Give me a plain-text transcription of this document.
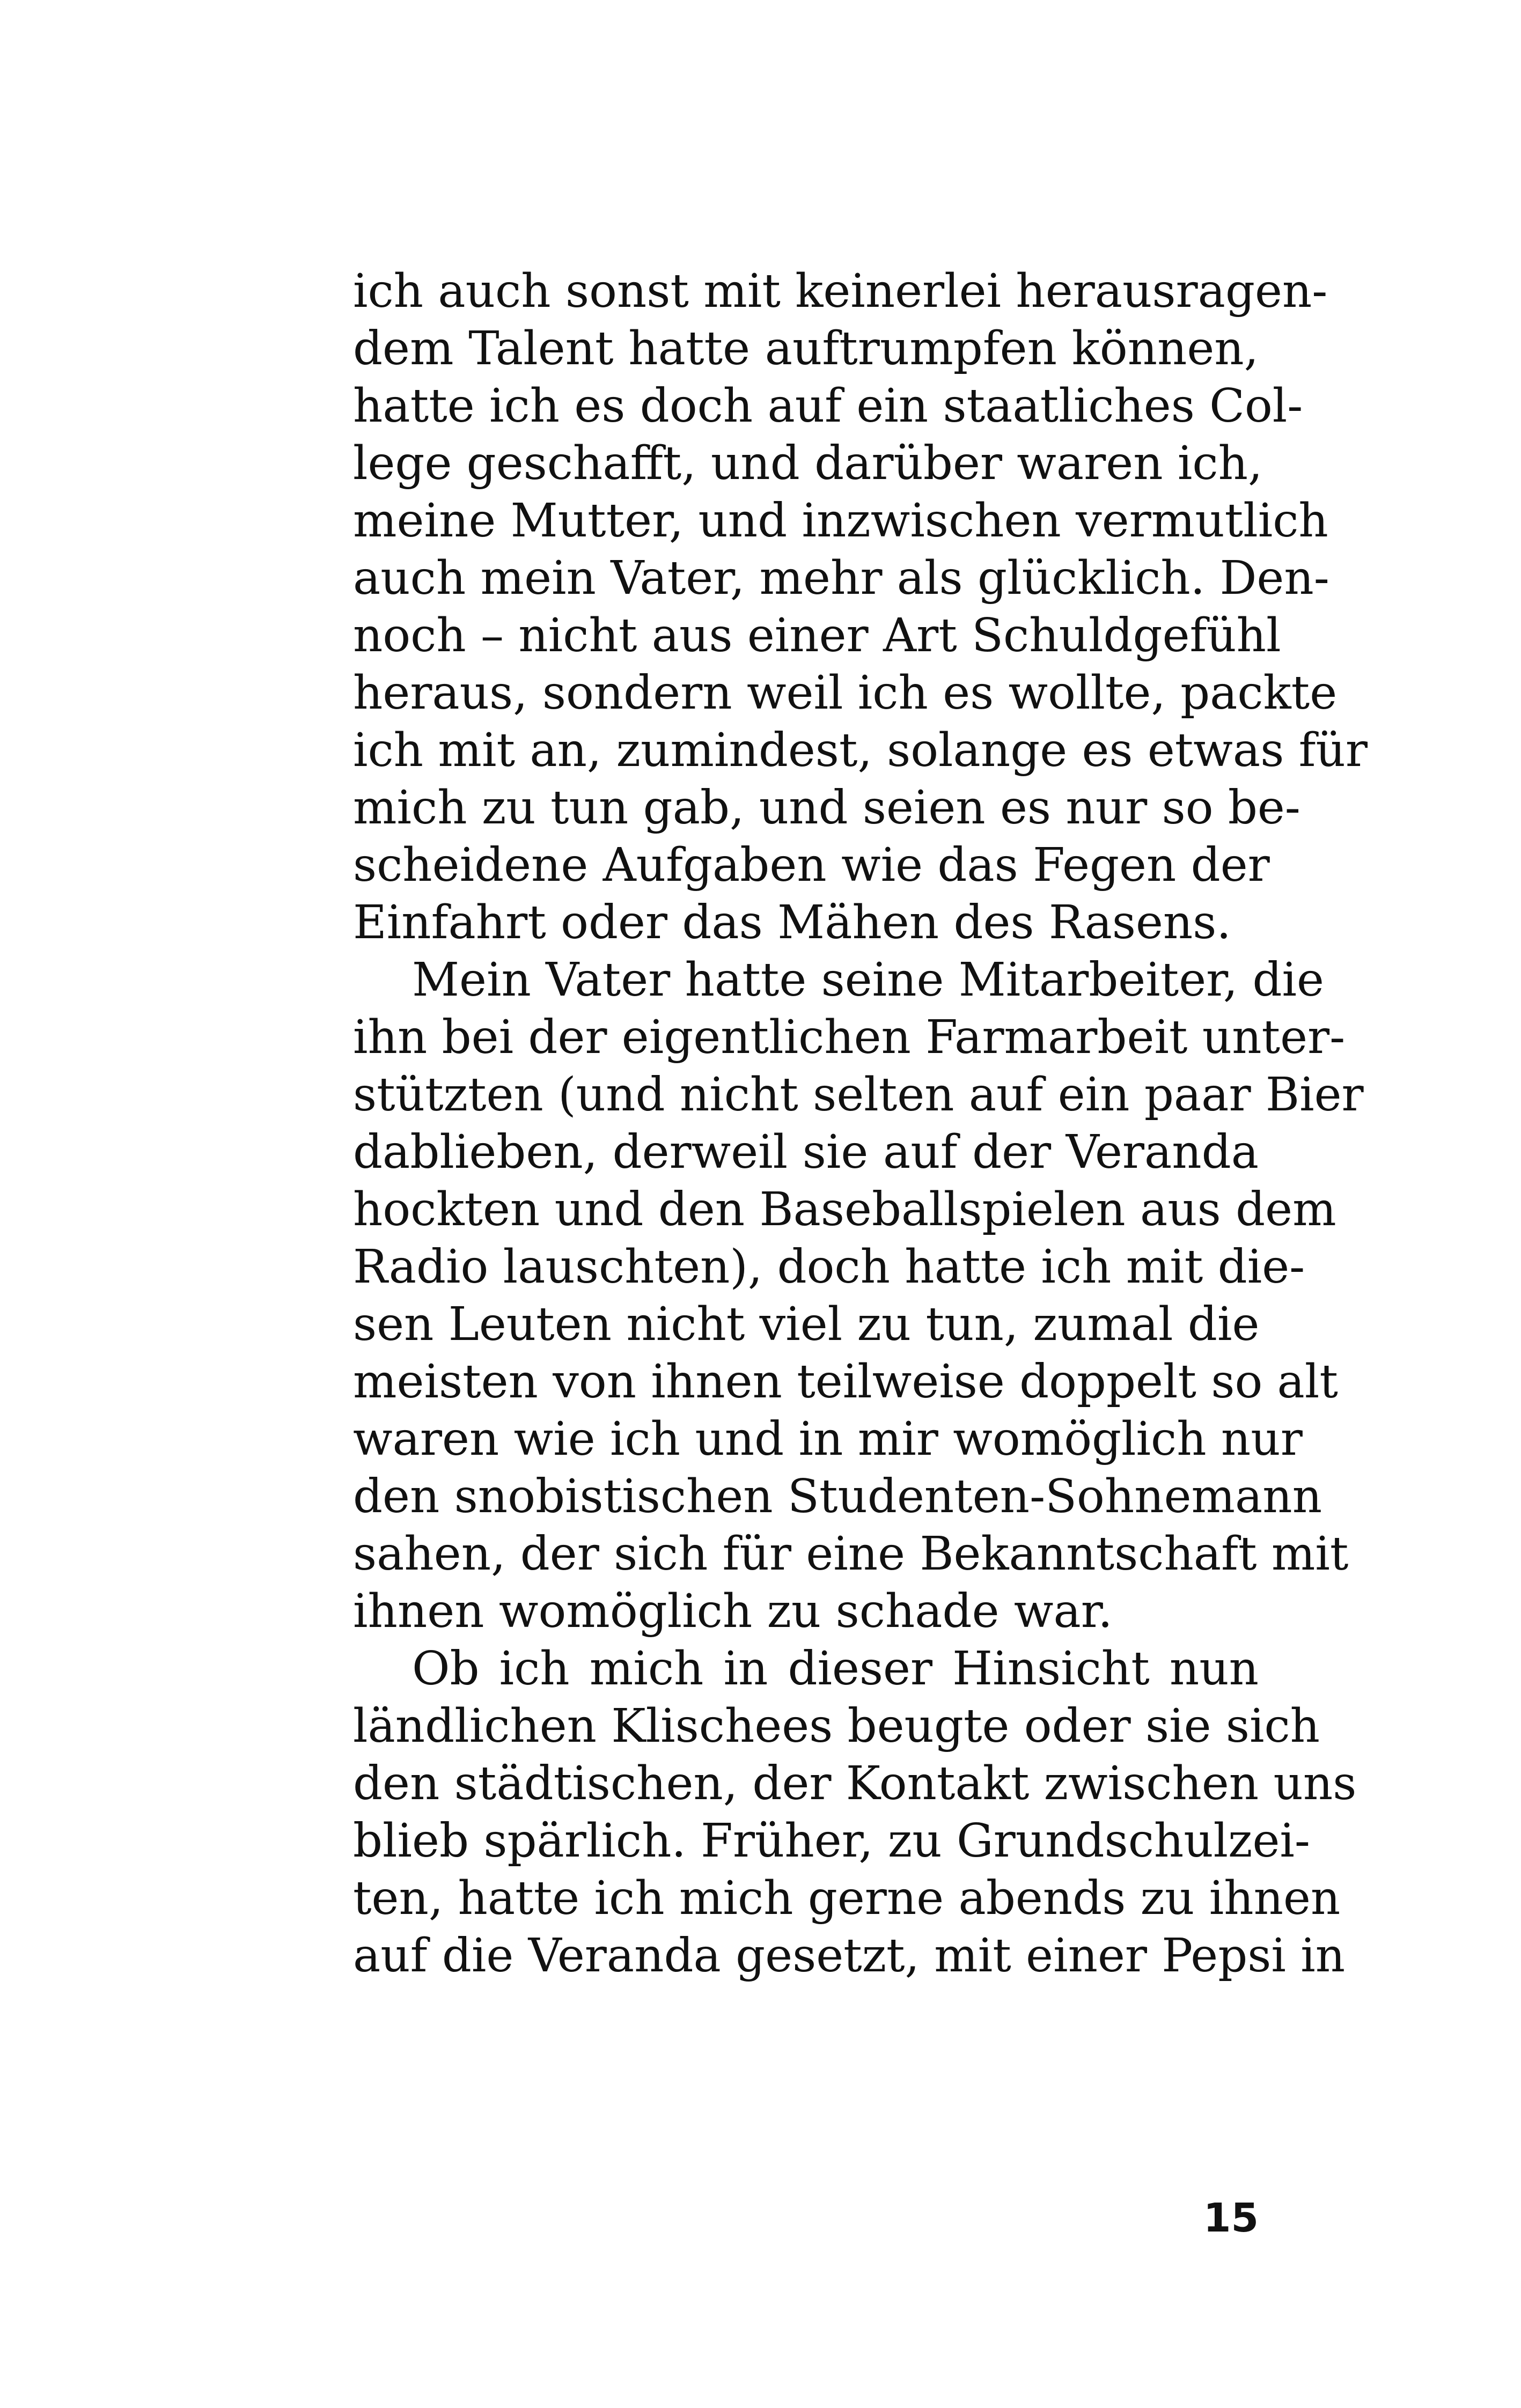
ich auch sonst mit keinerlei herausragen-
dem Talent hatte auftrumpfen können,
hatte ich es doch auf ein staatliches Col-
lege geschafft, und darüber waren ich,
meine Mutter, und inzwischen vermutlich
auch mein Vater, mehr als glücklich. Den-
noch – nicht aus einer Art Schuldgefühl
heraus, sondern weil ich es wollte, packte
ich mit an, zumindest, solange es etwas für
mich zu tun gab, und seien es nur so be-
scheidene Aufgaben wie das Fegen der
Einfahrt oder das Mähen des Rasens.
Mein Vater hatte seine Mitarbeiter, die
ihn bei der eigentlichen Farmarbeit unter-
stützten (und nicht selten auf ein paar Bier
dablieben, derweil sie auf der Veranda
hockten und den Baseballspielen aus dem
Radio lauschten), doch hatte ich mit die-
sen Leuten nicht viel zu tun, zumal die
meisten von ihnen teilweise doppelt so alt
waren wie ich und in mir womöglich nur
den snobistischen Studenten-Sohnemann
sahen, der sich für eine Bekanntschaft mit
ihnen womöglich zu schade war.
Ob ich mich in dieser Hinsicht nun
ländlichen Klischees beugte oder sie sich
den städtischen, der Kontakt zwischen uns
blieb spärlich. Früher, zu Grundschulzei-
ten, hatte ich mich gerne abends zu ihnen
auf die Veranda gesetzt, mit einer Pepsi in
15
